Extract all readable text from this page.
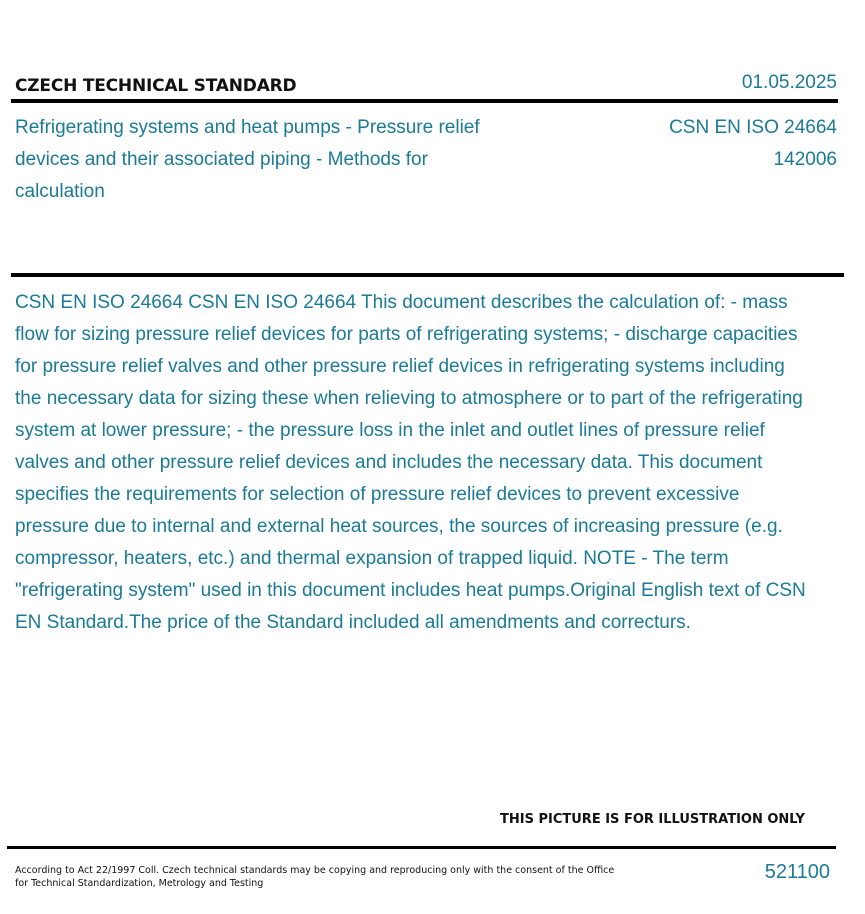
CZECH TECHNICAL STANDARD	01.05.2025
Refrigerating systems and heat pumps - Pressure relief devices and their associated piping - Methods for calculation
CSN EN ISO 24664
142006

CSN EN ISO 24664 CSN EN ISO 24664 This document describes the calculation of: - mass flow for sizing pressure relief devices for parts of refrigerating systems; - discharge capacities for pressure relief valves and other pressure relief devices in refrigerating systems including the necessary data for sizing these when relieving to atmosphere or to part of the refrigerating system at lower pressure; - the pressure loss in the inlet and outlet lines of pressure relief valves and other pressure relief devices and includes the necessary data. This document specifies the requirements for selection of pressure relief devices to prevent excessive pressure due to internal and external heat sources, the sources of increasing pressure (e.g. compressor, heaters, etc.) and thermal expansion of trapped liquid. NOTE - The term "refrigerating system" used in this document includes heat pumps.Original English text of CSN EN Standard.The price of the Standard included all amendments and correcturs.

THIS PICTURE IS FOR ILLUSTRATION ONLY
According to Act 22/1997 Coll. Czech technical standards may be copying and reproducing only with the consent of the Office
for Technical Standardization, Metrology and Testing
521100
